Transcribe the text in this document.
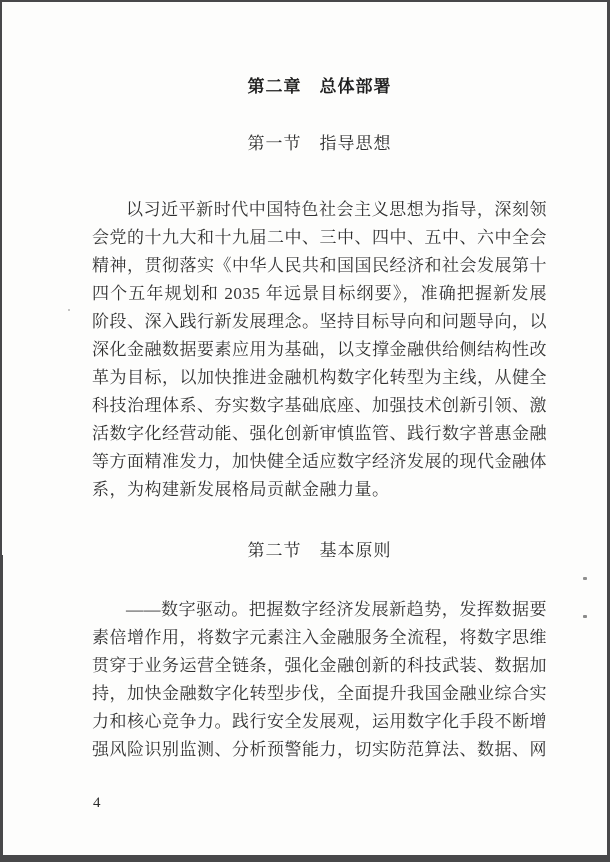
第二章　总体部署
第一节　指导思想
以习近平新时代中国特色社会主义思想为指导，深刻领
会党的十九大和十九届二中、三中、四中、五中、六中全会
精神，贯彻落实《中华人民共和国国民经济和社会发展第十
四个五年规划和 2035 年远景目标纲要》，准确把握新发展
阶段、深入践行新发展理念。坚持目标导向和问题导向，以
深化金融数据要素应用为基础，以支撑金融供给侧结构性改
革为目标，以加快推进金融机构数字化转型为主线，从健全
科技治理体系、夯实数字基础底座、加强技术创新引领、激
活数字化经营动能、强化创新审慎监管、践行数字普惠金融
等方面精准发力，加快健全适应数字经济发展的现代金融体
系，为构建新发展格局贡献金融力量。
第二节　基本原则
——数字驱动。把握数字经济发展新趋势，发挥数据要
素倍增作用，将数字元素注入金融服务全流程，将数字思维
贯穿于业务运营全链条，强化金融创新的科技武装、数据加
持，加快金融数字化转型步伐，全面提升我国金融业综合实
力和核心竞争力。践行安全发展观，运用数字化手段不断增
强风险识别监测、分析预警能力，切实防范算法、数据、网
4
